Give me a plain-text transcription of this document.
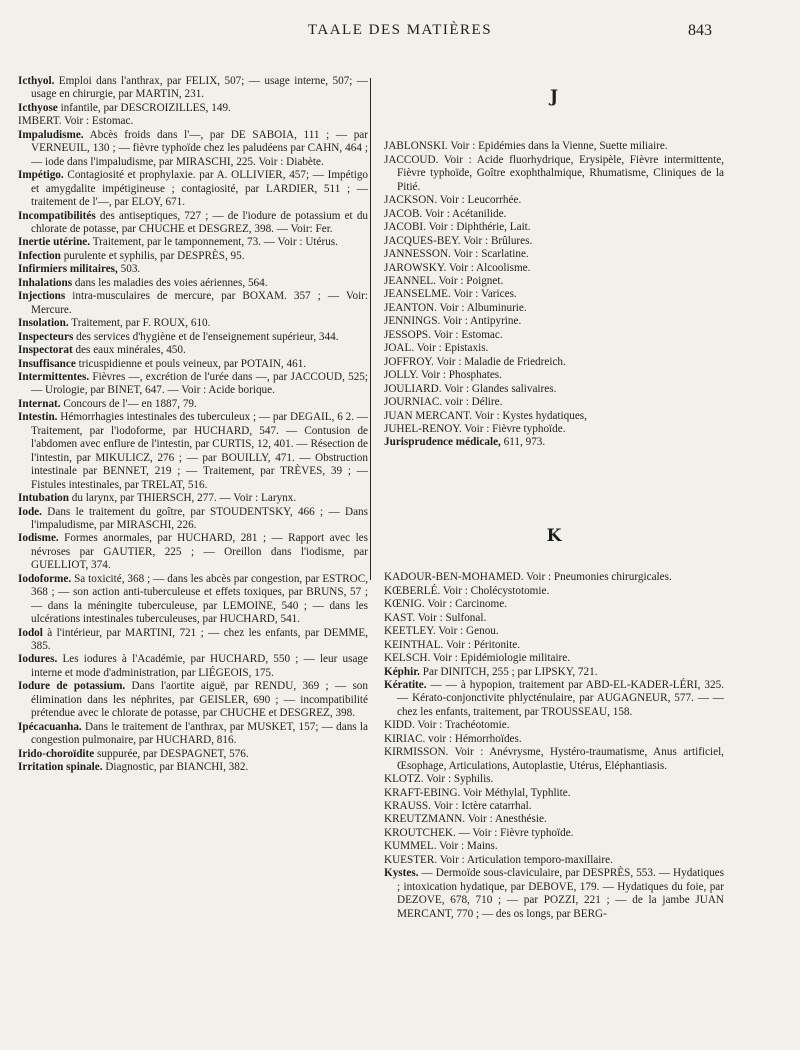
TAALE DES MATIÈRES	843

Icthyol. Emploi dans l'anthrax, par FELIX, 507; — usage interne, 507; — usage en chirurgie, par MARTIN, 231.

Icthyose infantile, par DESCROIZILLES, 149.

IMBERT. Voir : Estomac.

Impaludisme. Abcès froids dans l'—, par DE SABOIA, 111 ; — par VERNEUIL, 130 ; — fièvre typhoïde chez les paludéens par CAHN, 464 ; — iode dans l'impaludisme, par MIRASCHI, 225. Voir : Diabète.

Impétigo. Contagiosité et prophylaxie. par A. OLLIVIER, 457; — Impétigo et amygdalite impétigineuse ; contagiosité, par LARDIER, 511 ; — traitement de l'—, par ELOY, 671.

Incompatibilités des antiseptiques, 727 ; — de l'iodure de potassium et du chlorate de potasse, par CHUCHE et DESGREZ, 398. — Voir: Fer.

Inertie utérine. Traitement, par le tamponnement, 73. — Voir : Utérus.

Infection purulente et syphilis, par DESPRÈS, 95.

Infirmiers militaires, 503.

Inhalations dans les maladies des voies aériennes, 564.

Injections intra-musculaires de mercure, par BOXAM. 357 ; — Voir: Mercure.

Insolation. Traitement, par F. ROUX, 610.

Inspecteurs des services d'hygiène et de l'enseignement supérieur, 344.

Inspectorat des eaux minérales, 450.

Insuffisance tricuspidienne et pouls veineux, par POTAIN, 461.

Intermittentes. Fièvres —, excrétion de l'urée dans —, par JACCOUD, 525; — Urologie, par BINET, 647. — Voir : Acide borique.

Internat. Concours de l'— en 1887, 79.

Intestin. Hémorrhagies intestinales des tuberculeux ; — par DEGAIL, 6 2. — Traitement, par l'iodoforme, par HUCHARD, 547. — Contusion de l'abdomen avec enflure de l'intestin, par CURTIS, 12, 401. — Résection de l'intestin, par MIKULICZ, 276 ; — par BOUILLY, 471. — Obstruction intestinale par BENNET, 219 ; — Traitement, par TRÈVES, 39 ; — Fistules intestinales, par TRELAT, 516.

Intubation du larynx, par THIERSCH, 277. — Voir : Larynx.

Iode. Dans le traitement du goître, par STOUDENTSKY, 466 ; — Dans l'impaludisme, par MIRASCHI, 226.

Iodisme. Formes anormales, par HUCHARD, 281 ; — Rapport avec les névroses par GAUTIER, 225 ; — Oreillon dans l'iodisme, par GUELLIOT, 374.

Iodoforme. Sa toxicité, 368 ; — dans les abcès par congestion, par ESTROC, 368 ; — son action anti-tuberculeuse et effets toxiques, par BRUNS, 57 ; — dans la méningite tuberculeuse, par LEMOINE, 540 ; — dans les ulcérations intestinales tuberculeuses, par HUCHARD, 541.

Iodol à l'intérieur, par MARTINI, 721 ; — chez les enfants, par DEMME, 385.

Iodures. Les iodures à l'Académie, par HUCHARD, 550 ; — leur usage interne et mode d'administration, par LIÉGEOIS, 175.

Iodure de potassium. Dans l'aortite aiguë, par RENDU, 369 ; — son élimination dans les néphrites, par GEISLER, 690 ; — incompatibilité prétendue avec le chlorate de potasse, par CHUCHE et DESGREZ, 398.

Ipécacuanha. Dans le traitement de l'anthrax, par MUSKET, 157; — dans la congestion pulmonaire, par HUCHARD, 816.

Irido-choroïdite suppurée, par DESPAGNET, 576.

Irritation spinale. Diagnostic, par BIANCHI, 382.

J

JABLONSKI. Voir : Epidémies dans la Vienne, Suette miliaire.

JACCOUD. Voir : Acide fluorhydrique, Erysipèle, Fièvre intermittente, Fièvre typhoïde, Goître exophthalmique, Rhumatisme, Cliniques de la Pitié.

JACKSON. Voir : Leucorrhée.

JACOB. Voir : Acétanilide.

JACOBI. Voir : Diphthérie, Lait.

JACQUES-BEY. Voir : Brûlures.

JANNESSON. Voir : Scarlatine.

JAROWSKY. Voir : Alcoolisme.

JEANNEL. Voir : Poignet.

JEANSELME. Voir : Varices.

JEANTON. Voir : Albuminurie.

JENNINGS. Voir : Antipyrine.

JESSOPS. Voir : Estomac.

JOAL. Voir : Epistaxis.

JOFFROY. Voir : Maladie de Friedreich.

JOLLY. Voir : Phosphates.

JOULIARD. Voir : Glandes salivaires.

JOURNIAC. voir : Délire.

JUAN MERCANT. Voir : Kystes hydatiques,

JUHEL-RENOY. Voir : Fièvre typhoïde.

Jurisprudence médicale, 611, 973.

K

KADOUR-BEN-MOHAMED. Voir : Pneumonies chirurgicales.

KŒBERLÉ. Voir : Cholécystotomie.

KŒNIG. Voir : Carcinome.

KAST. Voir : Sulfonal.

KEETLEY. Voir : Genou.

KEINTHAL. Voir : Péritonite.

KELSCH. Voir : Epidémiologie militaire.

Képhir. Par DINITCH, 255 ; par LIPSKY, 721.

Kératite. — — à hypopion, traitement par ABD-EL-KADER-LÉRI, 325. — Kérato-conjonctivite phlycténulaire, par AUGAGNEUR, 577. — — chez les enfants, traitement, par TROUSSEAU, 158.

KIDD. Voir : Trachéotomie.

KIRIAC. voir : Hémorrhoïdes.

KIRMISSON. Voir : Anévrysme, Hystéro-traumatisme, Anus artificiel, Œsophage, Articulations, Autoplastie, Utérus, Eléphantiasis.

KLOTZ. Voir : Syphilis.

KRAFT-EBING. Voir Méthylal, Typhlite.

KRAUSS. Voir : Ictère catarrhal.

KREUTZMANN. Voir : Anesthésie.

KROUTCHEK. — Voir : Fièvre typhoïde.

KUMMEL. Voir : Mains.

KUESTER. Voir : Articulation temporo-maxillaire.

Kystes. — Dermoïde sous-claviculaire, par DESPRÈS, 553. — Hydatiques ; intoxication hydatique, par DEBOVE, 179. — Hydatiques du foie, par DEZOVE, 678, 710 ; — par POZZI, 221 ; — de la jambe JUAN MERCANT, 770 ; — des os longs, par BERG-
